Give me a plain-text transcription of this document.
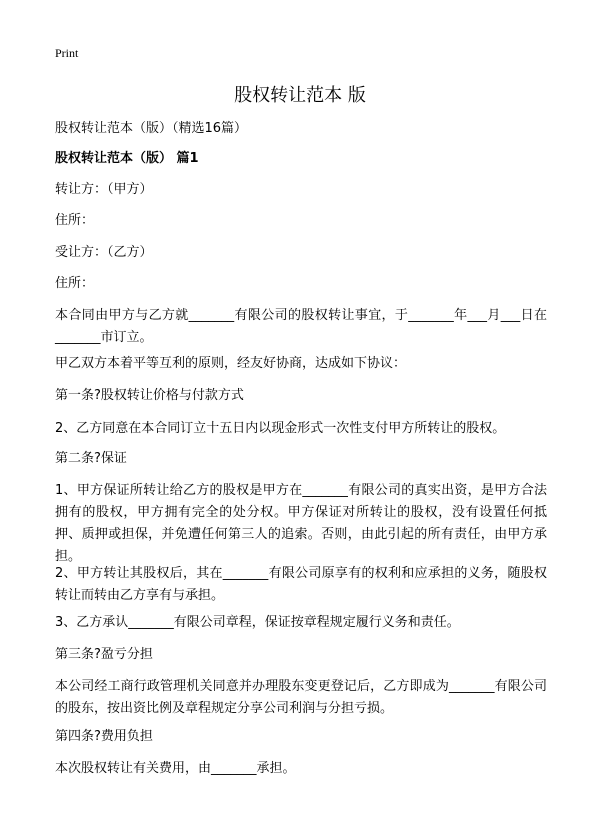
Print
股权转让范本 版
股权转让范本（版）（精选16篇）
股权转让范本（版） 篇1
转让方：（甲方）
住所：
受让方：（乙方）
住所：

本合同由甲方与乙方就_______有限公司的股权转让事宜，于_______年___月___日在_______市订立。

甲乙双方本着平等互利的原则，经友好协商，达成如下协议：

第一条?股权转让价格与付款方式

2、乙方同意在本合同订立十五日内以现金形式一次性支付甲方所转让的股权。

第二条?保证

1、甲方保证所转让给乙方的股权是甲方在_______有限公司的真实出资，是甲方合法拥有的股权，甲方拥有完全的处分权。甲方保证对所转让的股权，没有设置任何抵押、质押或担保，并免遭任何第三人的追索。否则，由此引起的所有责任，由甲方承担。

2、甲方转让其股权后，其在_______有限公司原享有的权利和应承担的义务，随股权转让而转由乙方享有与承担。

3、乙方承认_______有限公司章程，保证按章程规定履行义务和责任。

第三条?盈亏分担

本公司经工商行政管理机关同意并办理股东变更登记后，乙方即成为_______有限公司的股东，按出资比例及章程规定分享公司利润与分担亏损。

第四条?费用负担

本次股权转让有关费用，由_______承担。
